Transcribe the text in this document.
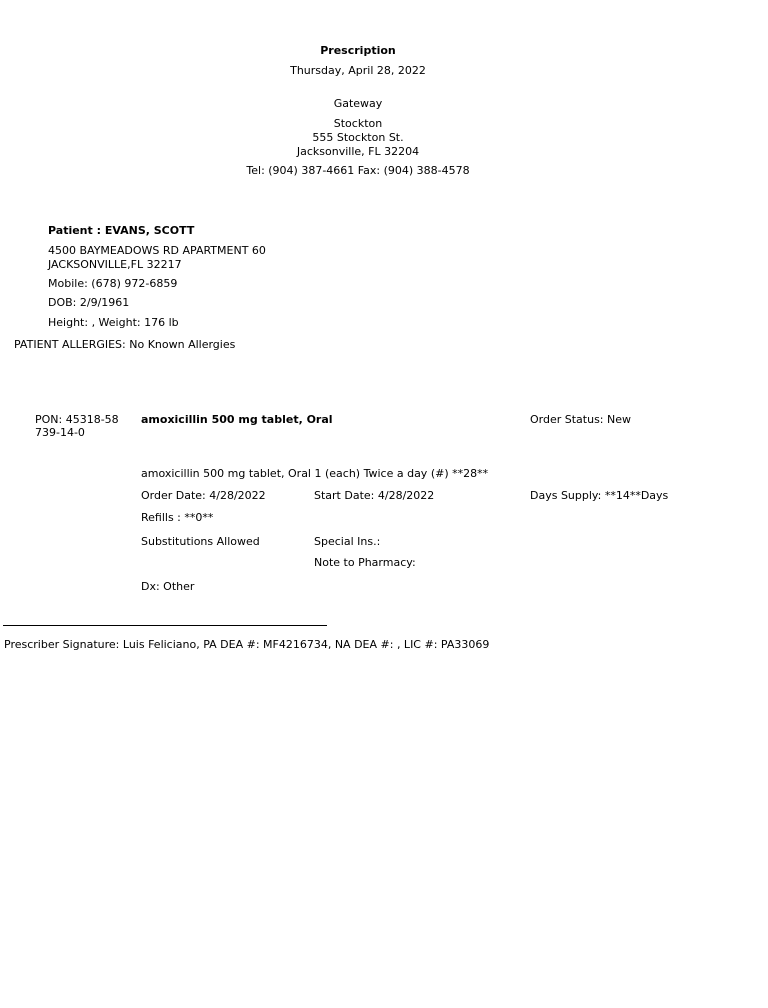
Prescription
Thursday, April 28, 2022
Gateway
Stockton
555 Stockton St.
Jacksonville, FL 32204
Tel: (904) 387-4661 Fax: (904) 388-4578
Patient : EVANS, SCOTT
4500 BAYMEADOWS RD APARTMENT 60
JACKSONVILLE,FL 32217
Mobile: (678) 972-6859
DOB: 2/9/1961
Height: , Weight: 176 lb
PATIENT ALLERGIES: No Known Allergies
PON: 45318-58739-14-0
amoxicillin 500 mg tablet, Oral	Order Status: New
amoxicillin 500 mg tablet, Oral 1 (each) Twice a day (#) **28**
Order Date: 4/28/2022	Start Date: 4/28/2022	Days Supply: **14**Days
Refills : **0**
Substitutions Allowed	Special Ins.:
Note to Pharmacy:
Dx: Other
Prescriber Signature: Luis Feliciano, PA DEA #: MF4216734, NA DEA #: , LIC #: PA33069
